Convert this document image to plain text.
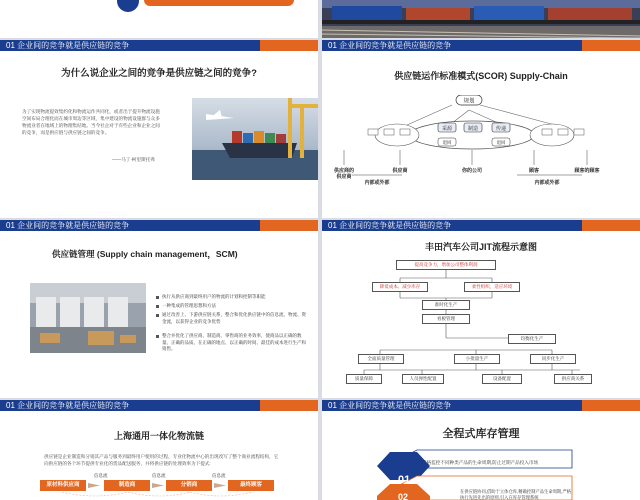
01 企业间的竞争就是供应链的竞争
为什么说企业之间的竞争是供应链之间的竞争?
为了实现物流提效集约化和物流运作共同化，或者出于提升物流设施空间布局合理化而在城市周边等区域，集中建设的物流设施群与众多物流业者在地域上的物理集结地。当今社企对于有些企业和企业之间的竞争，而是供应链与供应链之间的竞争。
——马丁·柯里斯托弗
01 企业间的竞争就是供应链的竞争
供应链运作标准模式(SCOR) Supply-Chain
规划
采源	制造	传递
退回	退回
供应商的供应商
供应商	你的公司	顾客	顾客的顾客
内部或外部	内部或外部
01 企业间的竞争就是供应链的竞争
供应链管理 (Supply chain management，SCM)
执行从供应商到最终用户的物流的计划和控制等职能
一种集成的管理思想和方法
通过改善上、下游供应链关系，整合和优化供应链中的信息流、物流、资金流，以获得企业的竞争优势
整合并优化了供应商、制造商、零售商的业务效率，使商品以正确的数量、正确的品质、在正确的地点、以正确的时间、最佳的成本进行生产和销售。
01 企业间的竞争就是供应链的竞争
丰田汽车公司JIT流程示意图
提高竞争力，增加公司整体利润
降低成本、减少库存	柔性组织，适应环境
准时化生产
看板管理
均衡化生产
全面质量管理	小批量生产	同步化生产
质量保障	人员弹性配置	设备配置	供应商关系
01 企业间的竞争就是供应链的竞争
上海通用一体化物流链
供应链是企业制造和分销其产品与服务到最终用户使用的过程。专业化物流中心的出现改写了整个商业流程结构，它向供应链的各个环节提供专业化的货品配送服务，并将供应链的处理效率为下提式:
信息流	信息流	信息流
原材料供应商	制造商	分销商	最终顾客
01 企业间的竞争就是供应链的竞争
全程式库存管理
01
02
严格监控不同种类产品的生命周期,防止过期产品投入市场
在供应链协同,借助于立体仓库,精确控制产品生命周期,严格执行先进先出的原则,引入在库存管理系统
